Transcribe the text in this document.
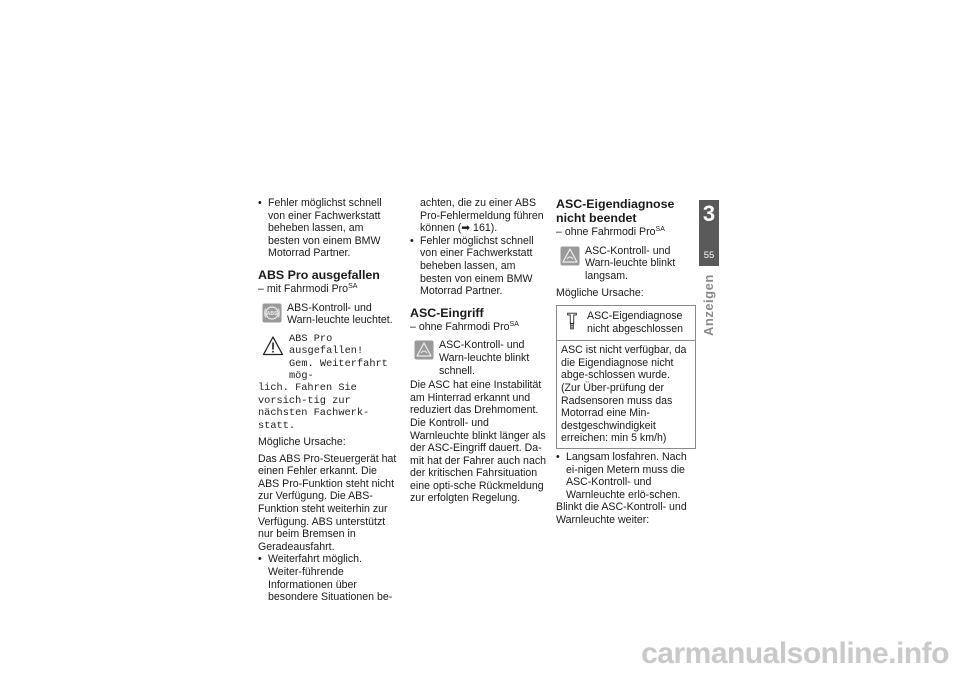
• Fehler möglichst schnell von einer Fachwerkstatt beheben lassen, am besten von einem BMW Motorrad Partner.

ABS Pro ausgefallen

– mit Fahrmodi Pro$^{SA}$

ABS ABS-Kontroll- und Warn-leuchte leuchtet.
ABS Pro ausgefallen!
Gem. Weiterfahrt mög-
lich. Fahren Sie vorsich-tig zur nächsten Fachwerk-statt.

Mögliche Ursache:

Das ABS Pro-Steuergerät hat einen Fehler erkannt. Die ABS Pro-Funktion steht nicht zur Verfügung. Die ABS-Funktion steht weiterhin zur Verfügung. ABS unterstützt nur beim Bremsen in Geradeausfahrt.

• Weiterfahrt möglich. Weiter-führende Informationen über besondere Situationen be-
achten, die zu einer ABS Pro-Fehlermeldung führen können (➡ 161).
• Fehler möglichst schnell von einer Fachwerkstatt beheben lassen, am besten von einem BMW Motorrad Partner.

ASC-Eingriff

– ohne Fahrmodi Pro$^{SA}$

ASC-Kontroll- und Warn-leuchte blinkt schnell.

Die ASC hat eine Instabilität am Hinterrad erkannt und reduziert das Drehmoment. Die Kontroll- und Warnleuchte blinkt länger als der ASC-Eingriff dauert. Da-mit hat der Fahrer auch nach der kritischen Fahrsituation eine opti-sche Rückmeldung zur erfolgten Regelung.

ASC-Eigendiagnose nicht beendet

– ohne Fahrmodi Pro$^{SA}$

ASC-Kontroll- und Warn-leuchte blinkt langsam.

Mögliche Ursache:

ASC-Eigendiagnose nicht abgeschlossen
ASC ist nicht verfügbar, da die Eigendiagnose nicht abge-schlossen wurde. (Zur Über-prüfung der Radsensoren muss das Motorrad eine Min-destgeschwindigkeit erreichen: min 5 km/h)
• Langsam losfahren. Nach ei-nigen Metern muss die ASC-Kontroll- und Warnleuchte erlö-schen.

Blinkt die ASC-Kontroll- und Warnleuchte weiter:

3
55
Anzeigen
carmanualsonline.info
